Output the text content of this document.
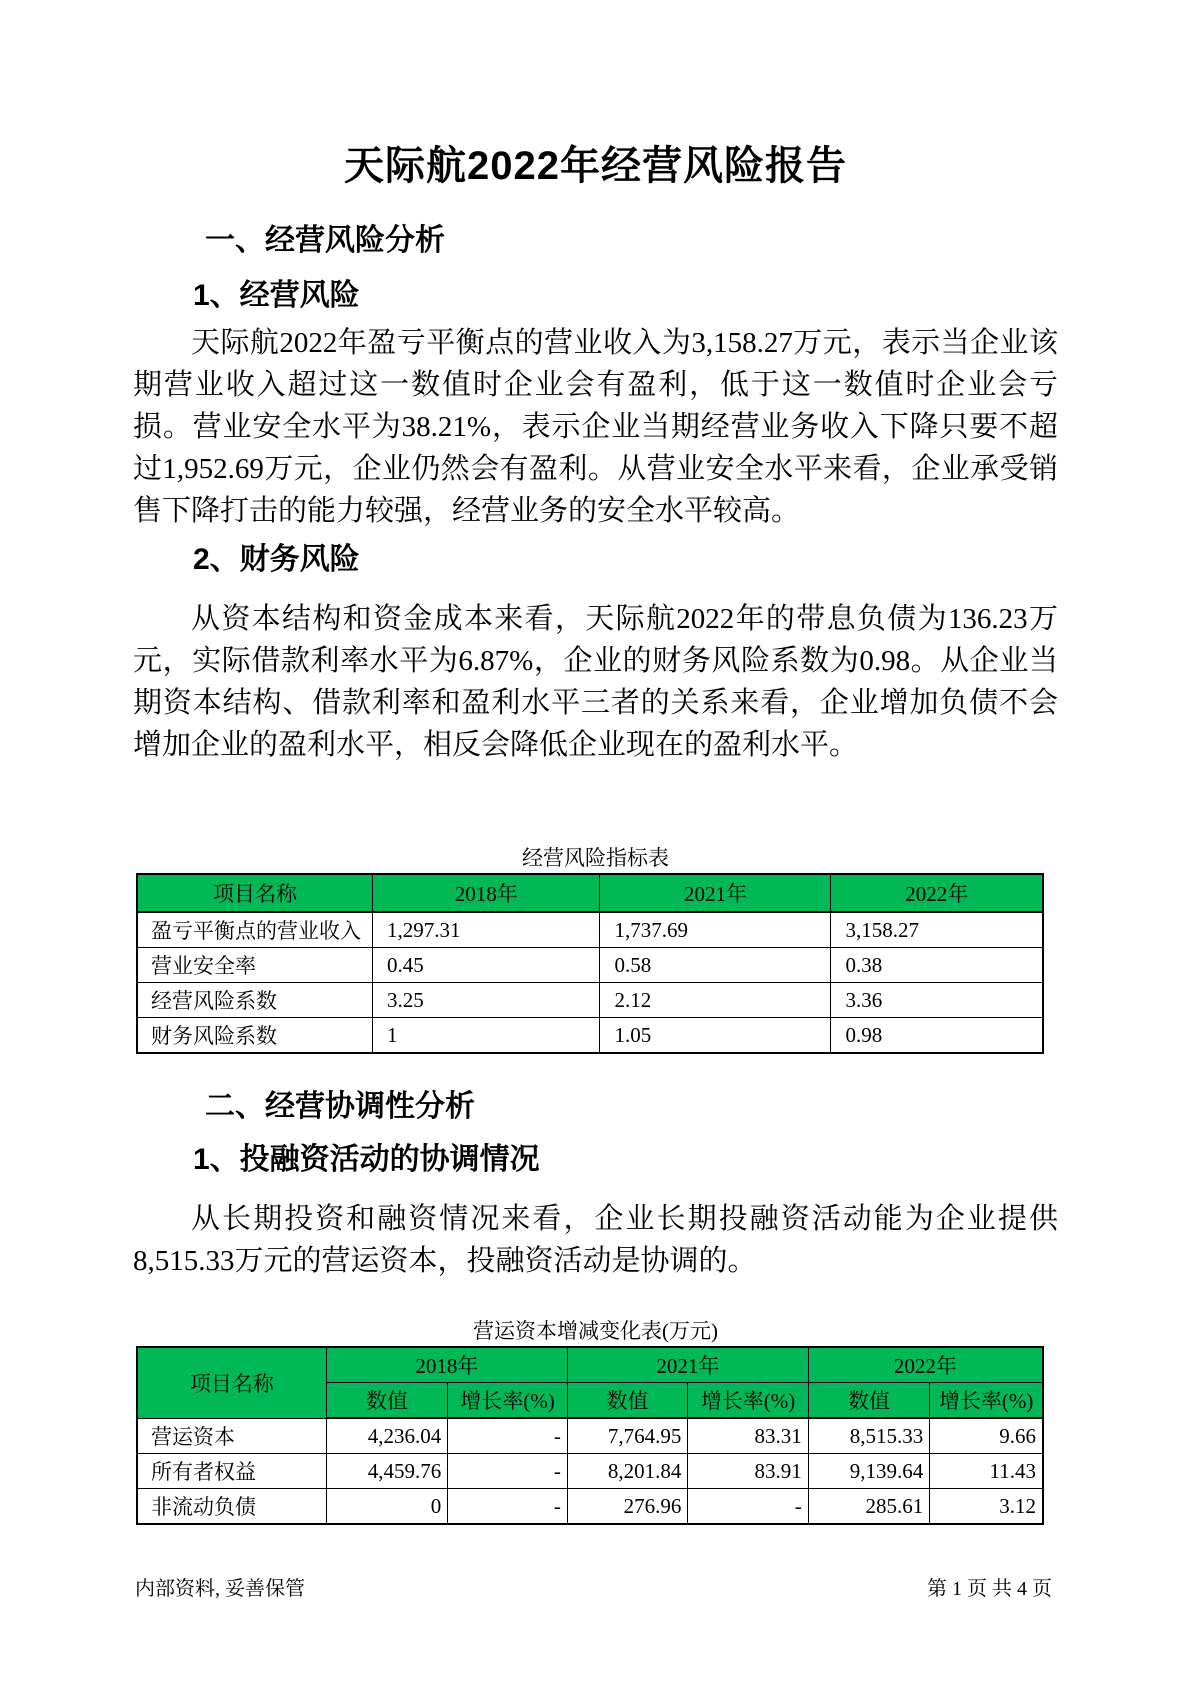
天际航2022年经营风险报告
一、经营风险分析
1、经营风险

天际航2022年盈亏平衡点的营业收入为3,158.27万元，表示当企业该期营业收入超过这一数值时企业会有盈利，低于这一数值时企业会亏损。营业安全水平为38.21%，表示企业当期经营业务收入下降只要不超过1,952.69万元，企业仍然会有盈利。从营业安全水平来看，企业承受销售下降打击的能力较强，经营业务的安全水平较高。

2、财务风险

从资本结构和资金成本来看，天际航2022年的带息负债为136.23万元，实际借款利率水平为6.87%，企业的财务风险系数为0.98。从企业当期资本结构、借款利率和盈利水平三者的关系来看，企业增加负债不会增加企业的盈利水平，相反会降低企业现在的盈利水平。

经营风险指标表
项目名称	2018年	2021年	2022年
盈亏平衡点的营业收入	1,297.31	1,737.69	3,158.27
营业安全率	0.45	0.58	0.38
经营风险系数	3.25	2.12	3.36
财务风险系数	1	1.05	0.98
二、经营协调性分析
1、投融资活动的协调情况

从长期投资和融资情况来看，企业长期投融资活动能为企业提供8,515.33万元的营运资本，投融资活动是协调的。

营运资本增减变化表(万元)
项目名称	2018年		2021年		2022年	
	数值	增长率(%)	数值	增长率(%)	数值	增长率(%)
营运资本	4,236.04	-	7,764.95	83.31	8,515.33	9.66
所有者权益	4,459.76	-	8,201.84	83.91	9,139.64	11.43
非流动负债	0	-	276.96	-	285.61	3.12
内部资料, 妥善保管	第 1 页 共 4 页
